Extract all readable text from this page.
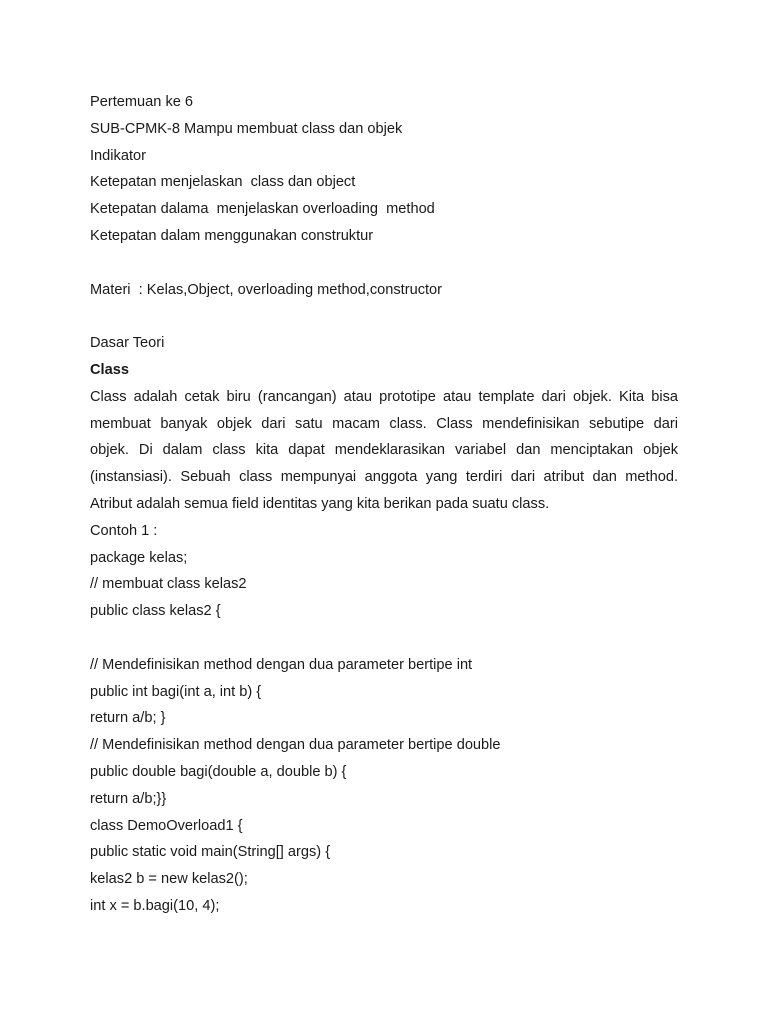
Pertemuan ke 6
SUB-CPMK-8 Mampu membuat class dan objek
Indikator
Ketepatan menjelaskan  class dan object
Ketepatan dalama  menjelaskan overloading  method
Ketepatan dalam menggunakan construktur
Materi  : Kelas,Object, overloading method,constructor
Dasar Teori
Class
Class adalah cetak biru (rancangan) atau prototipe atau template dari objek. Kita bisa
membuat banyak objek dari satu macam class. Class mendefinisikan sebutipe dari
objek. Di dalam class kita dapat mendeklarasikan variabel dan menciptakan objek
(instansiasi). Sebuah class mempunyai anggota yang terdiri dari atribut dan method.
Atribut adalah semua field identitas yang kita berikan pada suatu class.
Contoh 1 :
package kelas;
// membuat class kelas2
public class kelas2 {
// Mendefinisikan method dengan dua parameter bertipe int
public int bagi(int a, int b) {
return a/b; }
// Mendefinisikan method dengan dua parameter bertipe double
public double bagi(double a, double b) {
return a/b;}}
class DemoOverload1 {
public static void main(String[] args) {
kelas2 b = new kelas2();
int x = b.bagi(10, 4);
